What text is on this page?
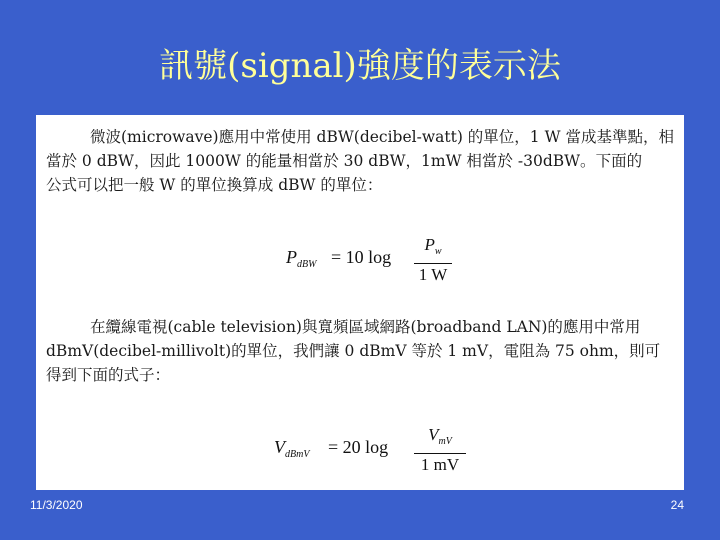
訊號(signal)強度的表示法
微波(microwave)應用中常使用 dBW(decibel-watt) 的單位，1 W 當成基準點，相
當於 0 dBW，因此 1000W 的能量相當於 30 dBW，1mW 相當於 -30dBW。下面的
公式可以把一般 W 的單位換算成 dBW 的單位：
$P_{dBW} = 10$ log
$P_w$
1 W
在纜線電視(cable television)與寬頻區域網路(broadband LAN)的應用中常用
dBmV(decibel-millivolt)的單位，我們讓 0 dBmV 等於 1 mV，電阻為 75 ohm，則可
得到下面的式子：
$V_{dBmV} = 20$ log
$V_{mV}$
1 mV
11/3/2020	24
